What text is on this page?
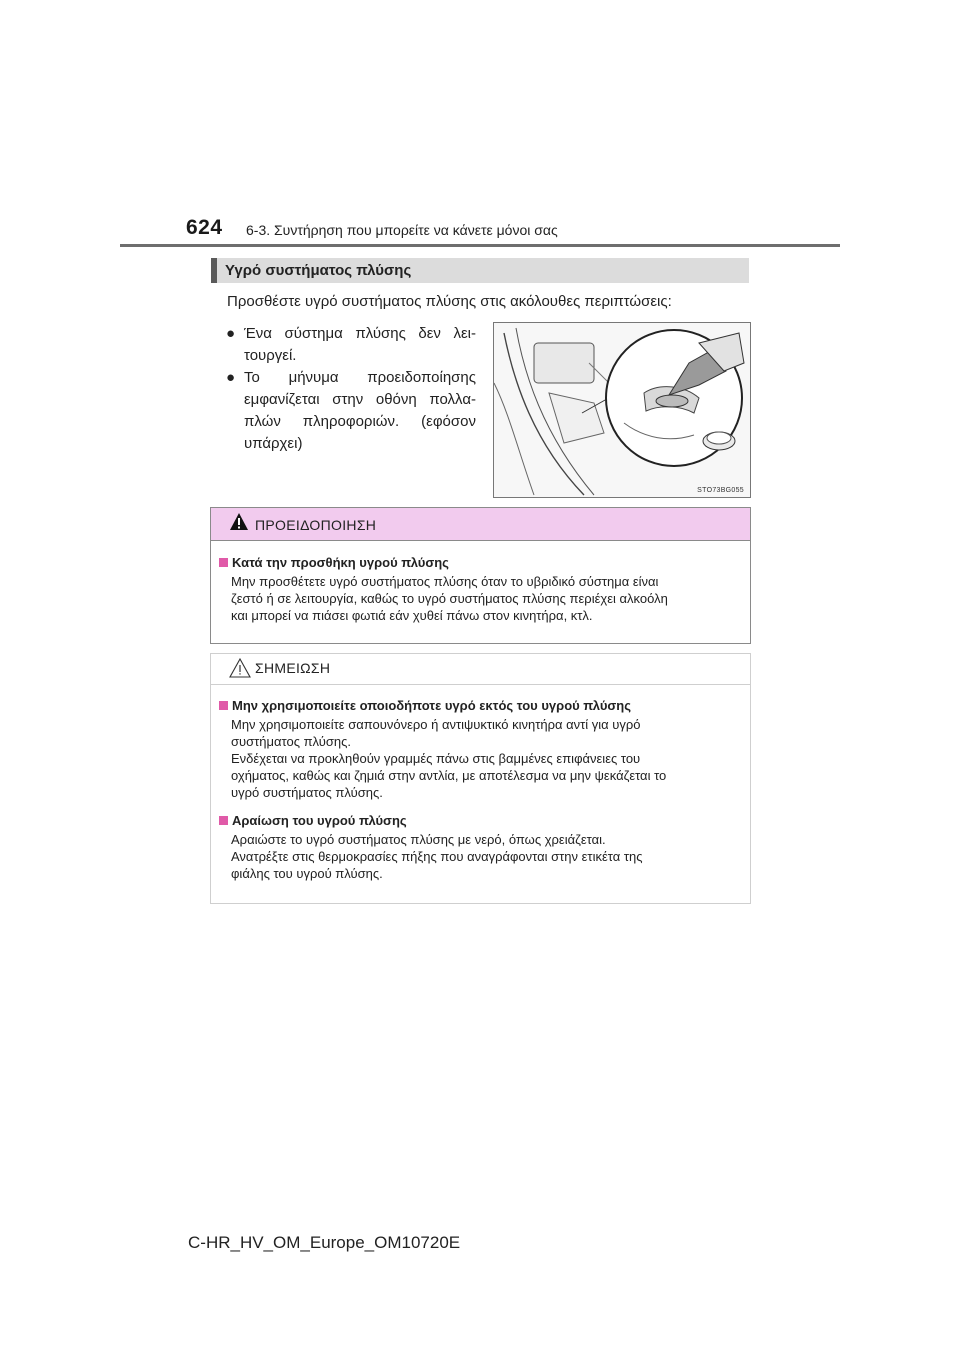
624 6-3. Συντήρηση που μπορείτε να κάνετε μόνοι σας
Υγρό συστήματος πλύσης
Προσθέστε υγρό συστήματος πλύσης στις ακόλουθες περιπτώσεις:
● Ένα σύστημα πλύσης δεν λει-τουργεί.
● Το μήνυμα προειδοποίησης εμφανίζεται στην οθόνη πολλα-πλών πληροφοριών. (εφόσον υπάρχει)
STO73BG055
ΠΡΟΕΙΔΟΠΟΙΗΣΗ
Κατά την προσθήκη υγρού πλύσης
Μην προσθέτετε υγρό συστήματος πλύσης όταν το υβριδικό σύστημα είναι
ζεστό ή σε λειτουργία, καθώς το υγρό συστήματος πλύσης περιέχει αλκοόλη
και μπορεί να πιάσει φωτιά εάν χυθεί πάνω στον κινητήρα, κτλ.
ΣΗΜΕΙΩΣΗ
Μην χρησιμοποιείτε οποιοδήποτε υγρό εκτός του υγρού πλύσης
Μην χρησιμοποιείτε σαπουνόνερο ή αντιψυκτικό κινητήρα αντί για υγρό
συστήματος πλύσης.
Ενδέχεται να προκληθούν γραμμές πάνω στις βαμμένες επιφάνειες του
οχήματος, καθώς και ζημιά στην αντλία, με αποτέλεσμα να μην ψεκάζεται το
υγρό συστήματος πλύσης.
Αραίωση του υγρού πλύσης
Αραιώστε το υγρό συστήματος πλύσης με νερό, όπως χρειάζεται.
Ανατρέξτε στις θερμοκρασίες πήξης που αναγράφονται στην ετικέτα της
φιάλης του υγρού πλύσης.
C-HR_HV_OM_Europe_OM10720E
